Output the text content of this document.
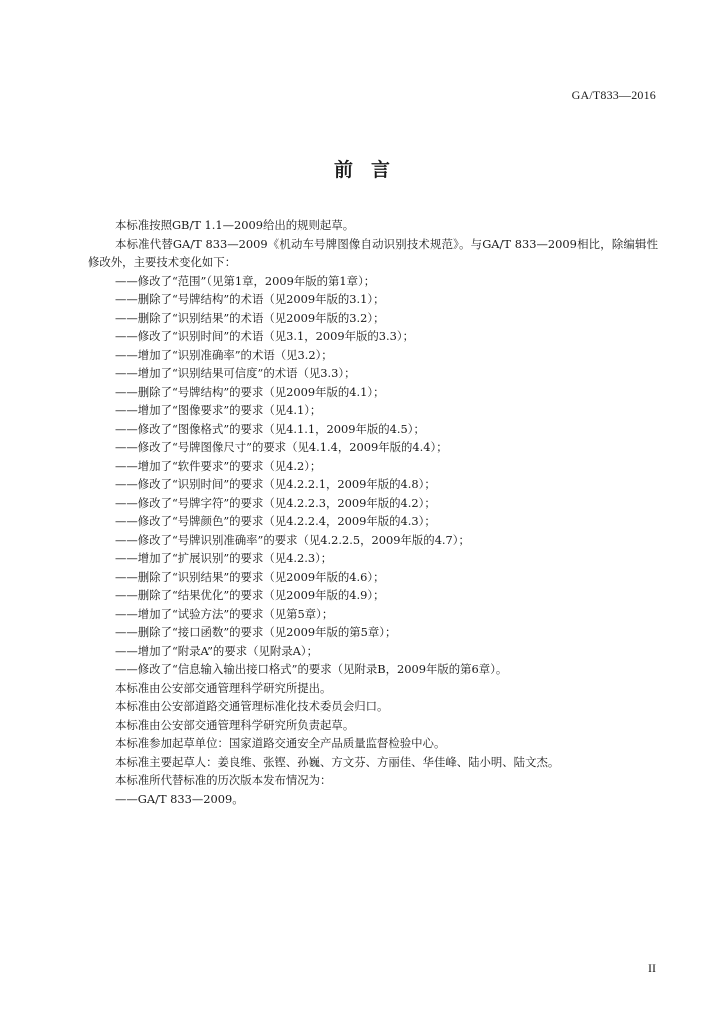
GA/T833—2016
前言

本标准按照GB/T 1.1—2009给出的规则起草。

本标准代替GA/T 833—2009《机动车号牌图像自动识别技术规范》。与GA/T 833—2009相比，除编辑性修改外，主要技术变化如下：

——修改了“范围”（见第1章，2009年版的第1章）；

——删除了“号牌结构”的术语（见2009年版的3.1）；

——删除了“识别结果”的术语（见2009年版的3.2）；

——修改了“识别时间”的术语（见3.1，2009年版的3.3）；

——增加了“识别准确率”的术语（见3.2）；

——增加了“识别结果可信度”的术语（见3.3）；

——删除了“号牌结构”的要求（见2009年版的4.1）；

——增加了“图像要求”的要求（见4.1）；

——修改了“图像格式”的要求（见4.1.1，2009年版的4.5）；

——修改了“号牌图像尺寸”的要求（见4.1.4，2009年版的4.4）；

——增加了“软件要求”的要求（见4.2）；

——修改了“识别时间”的要求（见4.2.2.1，2009年版的4.8）；

——修改了“号牌字符”的要求（见4.2.2.3，2009年版的4.2）；

——修改了“号牌颜色”的要求（见4.2.2.4，2009年版的4.3）；

——修改了“号牌识别准确率”的要求（见4.2.2.5，2009年版的4.7）；

——增加了“扩展识别”的要求（见4.2.3）；

——删除了“识别结果”的要求（见2009年版的4.6）；

——删除了“结果优化”的要求（见2009年版的4.9）；

——增加了“试验方法”的要求（见第5章）；

——删除了“接口函数”的要求（见2009年版的第5章）；

——增加了“附录A”的要求（见附录A）；

——修改了“信息输入输出接口格式”的要求（见附录B，2009年版的第6章）。

本标准由公安部交通管理科学研究所提出。

本标准由公安部道路交通管理标准化技术委员会归口。

本标准由公安部交通管理科学研究所负责起草。

本标准参加起草单位：国家道路交通安全产品质量监督检验中心。

本标准主要起草人：姜良维、张铿、孙巍、方文芬、方丽佳、华佳峰、陆小明、陆文杰。

本标准所代替标准的历次版本发布情况为：

——GA/T 833—2009。

II
